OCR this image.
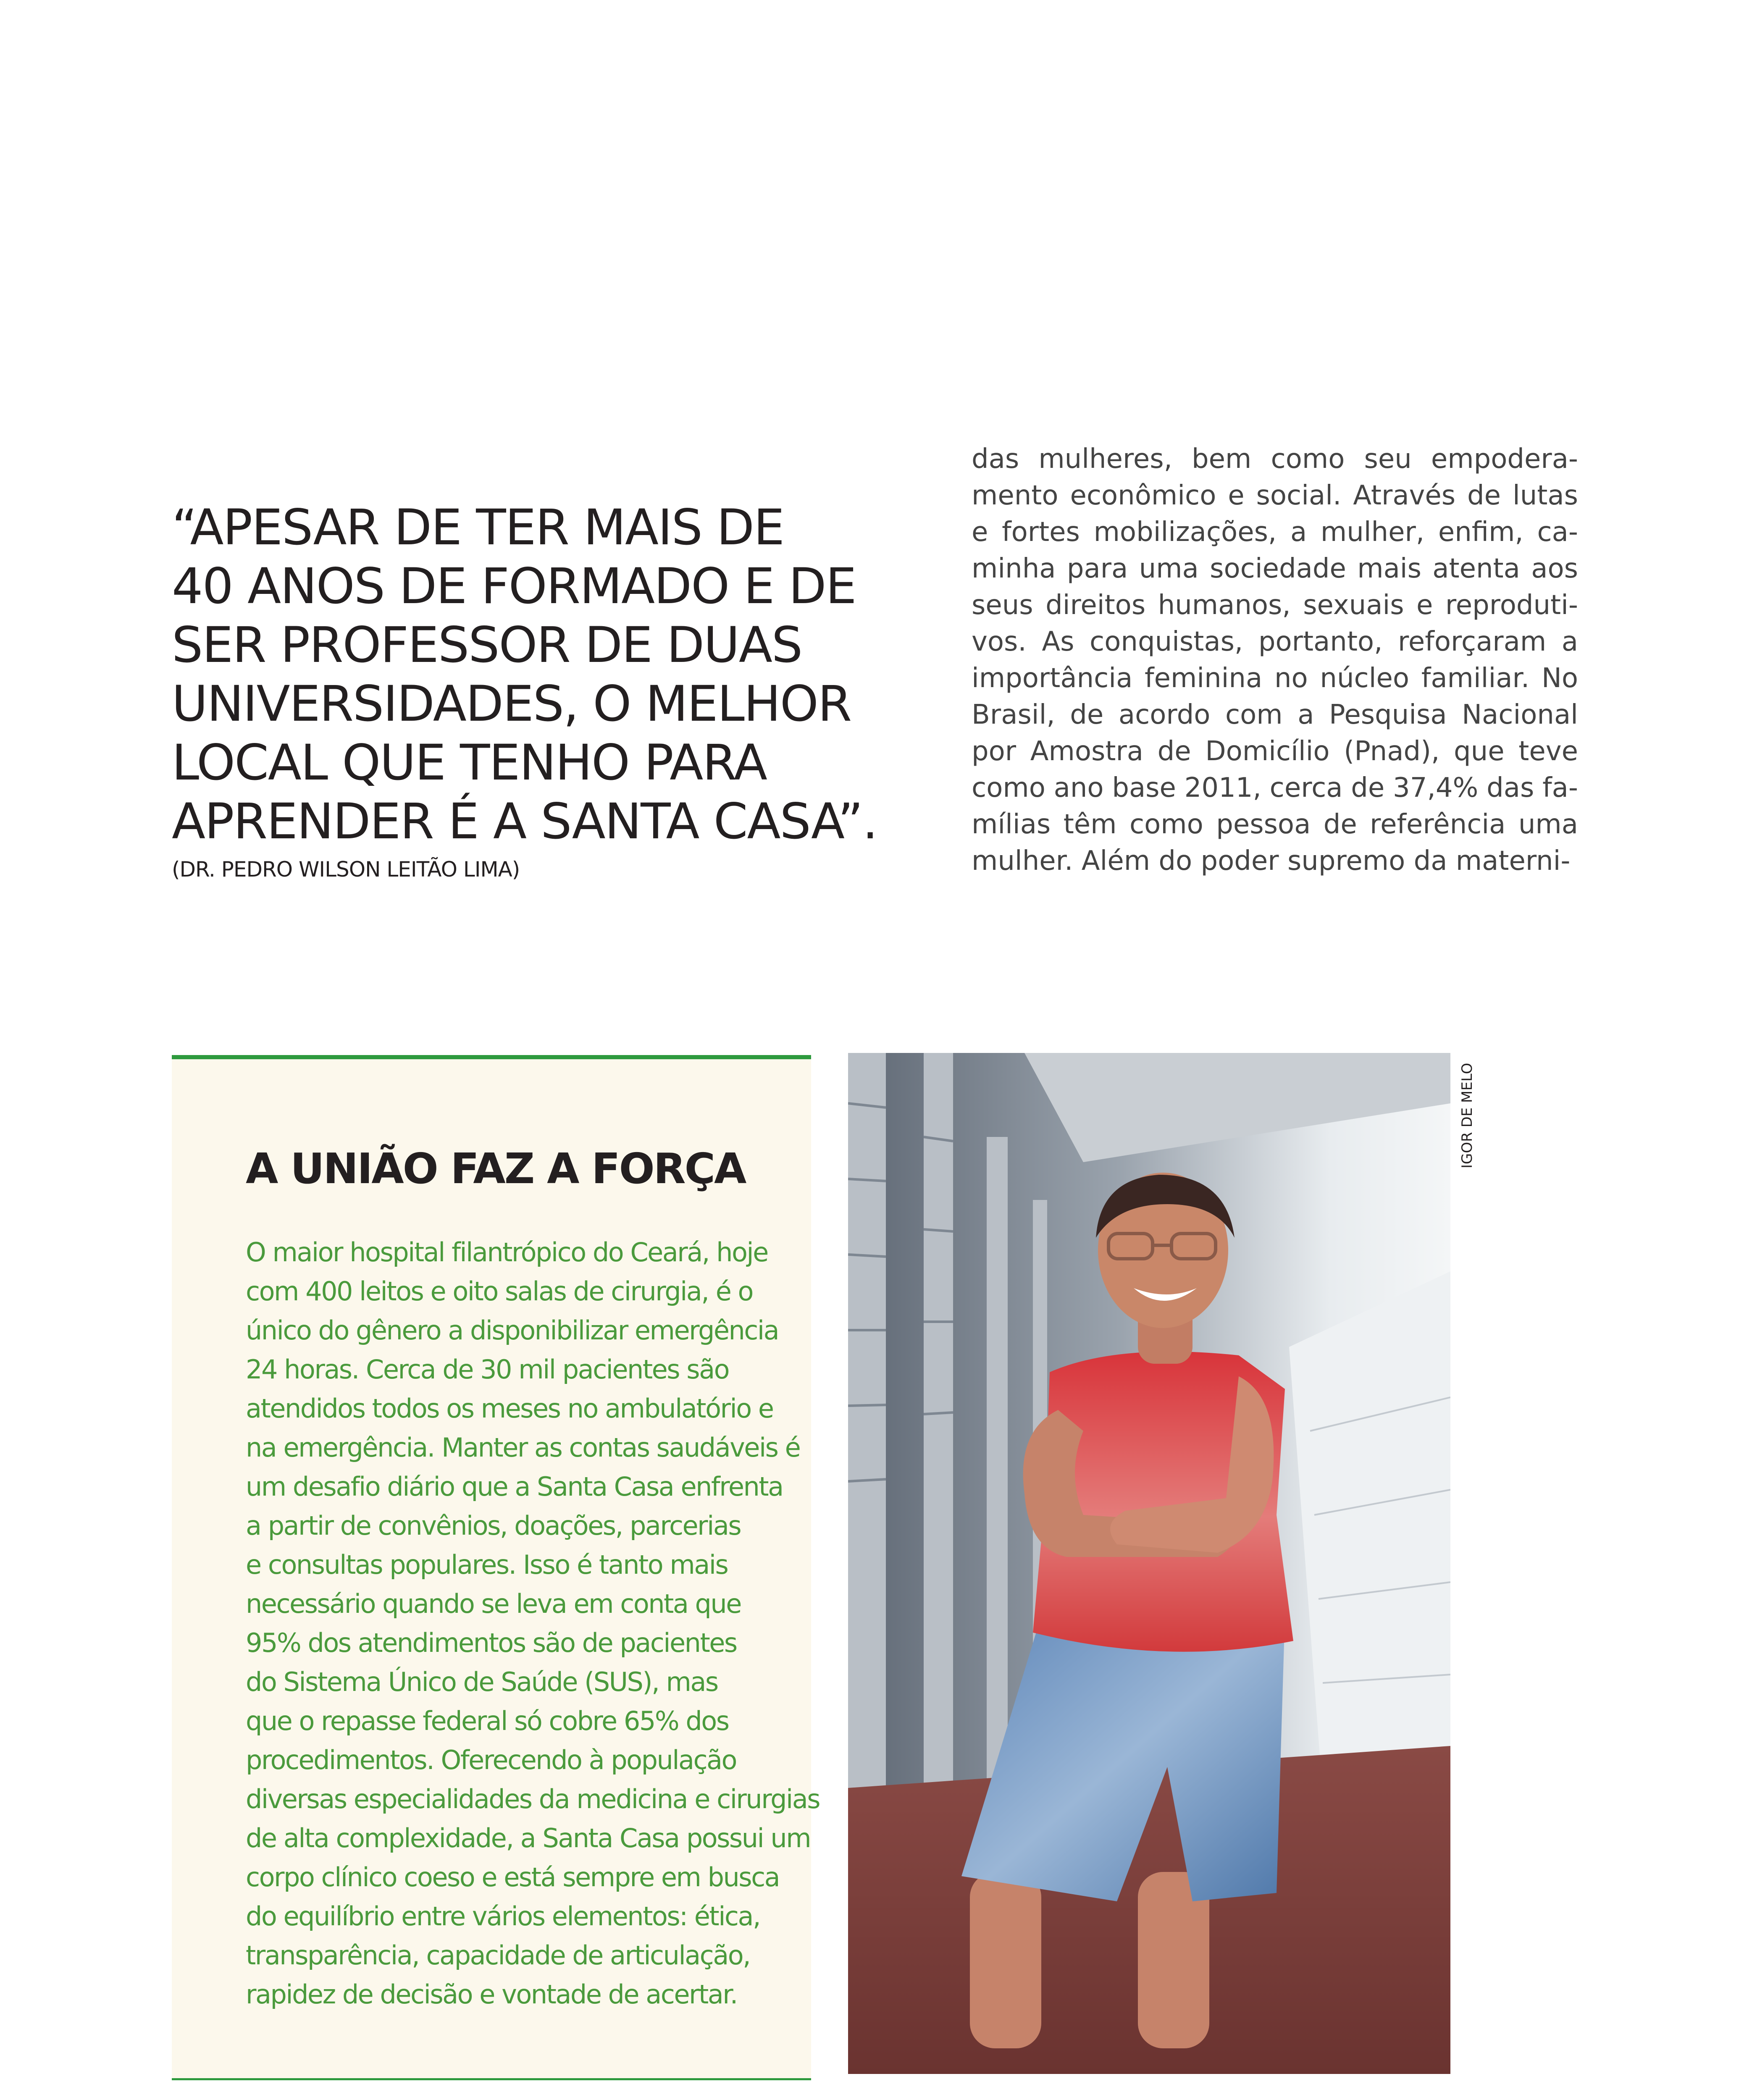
“APESAR DE TER MAIS DE
40 ANOS DE FORMADO E DE
SER PROFESSOR DE DUAS
UNIVERSIDADES, O MELHOR
LOCAL QUE TENHO PARA
APRENDER É A SANTA CASA”.
(DR. PEDRO WILSON LEITÃO LIMA)
das mulheres, bem como seu empodera-
mento econômico e social. Através de lutas
e fortes mobilizações, a mulher, enfim, ca-
minha para uma sociedade mais atenta aos
seus direitos humanos, sexuais e reproduti-
vos. As conquistas, portanto, reforçaram a
importância feminina no núcleo familiar. No
Brasil, de acordo com a Pesquisa Nacional
por Amostra de Domicílio (Pnad), que teve
como ano base 2011, cerca de 37,4% das fa-
mílias têm como pessoa de referência uma
mulher. Além do poder supremo da materni-
A UNIÃO FAZ A FORÇA
O maior hospital filantrópico do Ceará, hoje
com 400 leitos e oito salas de cirurgia, é o
único do gênero a disponibilizar emergência
24 horas. Cerca de 30 mil pacientes são
atendidos todos os meses no ambulatório e
na emergência. Manter as contas saudáveis é
um desafio diário que a Santa Casa enfrenta
a partir de convênios, doações, parcerias
e consultas populares. Isso é tanto mais
necessário quando se leva em conta que
95% dos atendimentos são de pacientes
do Sistema Único de Saúde (SUS), mas
que o repasse federal só cobre 65% dos
procedimentos. Oferecendo à população
diversas especialidades da medicina e cirurgias
de alta complexidade, a Santa Casa possui um
corpo clínico coeso e está sempre em busca
do equilíbrio entre vários elementos: ética,
transparência, capacidade de articulação,
rapidez de decisão e vontade de acertar.
IGOR DE MELO
